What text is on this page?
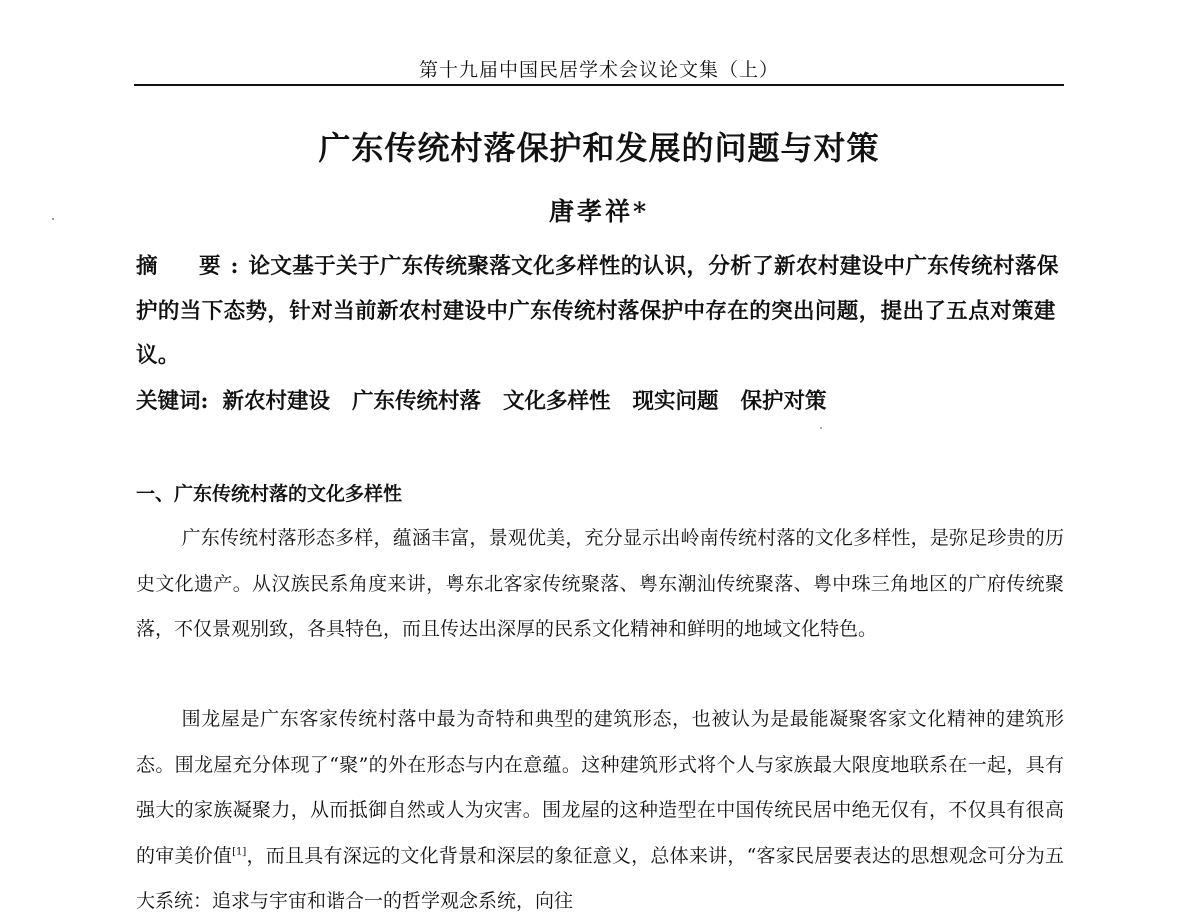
第十九届中国民居学术会议论文集（上）
广东传统村落保护和发展的问题与对策
唐孝祥*
摘　要:论文基于关于广东传统聚落文化多样性的认识，分析了新农村建设中广东传统村落保护的当下态势，针对当前新农村建设中广东传统村落保护中存在的突出问题，提出了五点对策建议。
关键词: 新农村建设 广东传统村落 文化多样性 现实问题 保护对策
一、广东传统村落的文化多样性
广东传统村落形态多样，蕴涵丰富，景观优美，充分显示出岭南传统村落的文化多样性，是弥足珍贵的历史文化遗产。从汉族民系角度来讲，粤东北客家传统聚落、粤东潮汕传统聚落、粤中珠三角地区的广府传统聚落，不仅景观别致，各具特色，而且传达出深厚的民系文化精神和鲜明的地域文化特色。
围龙屋是广东客家传统村落中最为奇特和典型的建筑形态，也被认为是最能凝聚客家文化精神的建筑形态。围龙屋充分体现了“聚”的外在形态与内在意蕴。这种建筑形式将个人与家族最大限度地联系在一起，具有强大的家族凝聚力，从而抵御自然或人为灾害。围龙屋的这种造型在中国传统民居中绝无仅有，不仅具有很高的审美价值[1]，而且具有深远的文化背景和深层的象征意义，总体来讲，“客家民居要表达的思想观念可分为五大系统：追求与宇宙和谐合一的哲学观念系统，向往
